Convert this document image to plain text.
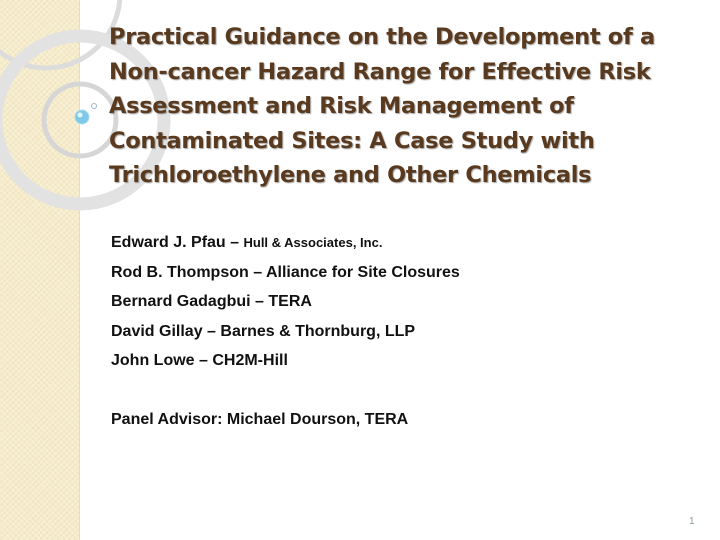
Practical Guidance on the Development of a Non-cancer Hazard Range for Effective Risk Assessment and Risk Management of Contaminated Sites: A Case Study with Trichloroethylene and Other Chemicals
Edward J. Pfau – Hull & Associates, Inc.
Rod B. Thompson – Alliance for Site Closures
Bernard Gadagbui – TERA
David Gillay – Barnes & Thornburg, LLP
John Lowe – CH2M-Hill
Panel Advisor: Michael Dourson, TERA
1
